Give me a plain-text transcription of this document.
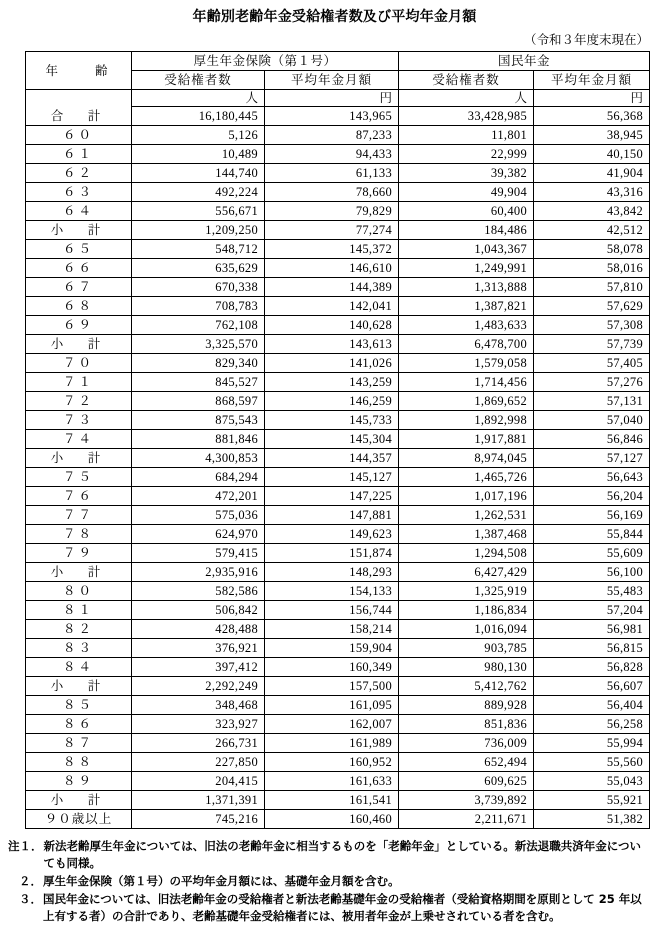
年齢別老齢年金受給権者数及び平均年金月額
（令和３年度末現在）
年　　齢	厚生年金保険（第１号）		国民年金	
	受給権者数	平均年金月額	受給権者数	平均年金月額
	人	円	人	円
合　計	16,180,445	143,965	33,428,985	56,368
６０	5,126	87,233	11,801	38,945
６１	10,489	94,433	22,999	40,150
６２	144,740	61,133	39,382	41,904
６３	492,224	78,660	49,904	43,316
６４	556,671	79,829	60,400	43,842
小　計	1,209,250	77,274	184,486	42,512
６５	548,712	145,372	1,043,367	58,078
６６	635,629	146,610	1,249,991	58,016
６７	670,338	144,389	1,313,888	57,810
６８	708,783	142,041	1,387,821	57,629
６９	762,108	140,628	1,483,633	57,308
小　計	3,325,570	143,613	6,478,700	57,739
７０	829,340	141,026	1,579,058	57,405
７１	845,527	143,259	1,714,456	57,276
７２	868,597	146,259	1,869,652	57,131
７３	875,543	145,733	1,892,998	57,040
７４	881,846	145,304	1,917,881	56,846
小　計	4,300,853	144,357	8,974,045	57,127
７５	684,294	145,127	1,465,726	56,643
７６	472,201	147,225	1,017,196	56,204
７７	575,036	147,881	1,262,531	56,169
７８	624,970	149,623	1,387,468	55,844
７９	579,415	151,874	1,294,508	55,609
小　計	2,935,916	148,293	6,427,429	56,100
８０	582,586	154,133	1,325,919	55,483
８１	506,842	156,744	1,186,834	57,204
８２	428,488	158,214	1,016,094	56,981
８３	376,921	159,904	903,785	56,815
８４	397,412	160,349	980,130	56,828
小　計	2,292,249	157,500	5,412,762	56,607
８５	348,468	161,095	889,928	56,404
８６	323,927	162,007	851,836	56,258
８７	266,731	161,989	736,009	55,994
８８	227,850	160,952	652,494	55,560
８９	204,415	161,633	609,625	55,043
小　計	1,371,391	161,541	3,739,892	55,921
９０歳以上	745,216	160,460	2,211,671	51,382
注１． 新法老齢厚生年金については、旧法の老齢年金に相当するものを「老齢年金」としている。新法退職共済年金についても同様。
２． 厚生年金保険（第１号）の平均年金月額には、基礎年金月額を含む。
３． 国民年金については、旧法老齢年金の受給権者と新法老齢基礎年金の受給権者（受給資格期間を原則として 25 年以上有する者）の合計であり、老齢基礎年金受給権者には、被用者年金が上乗せされている者を含む。
